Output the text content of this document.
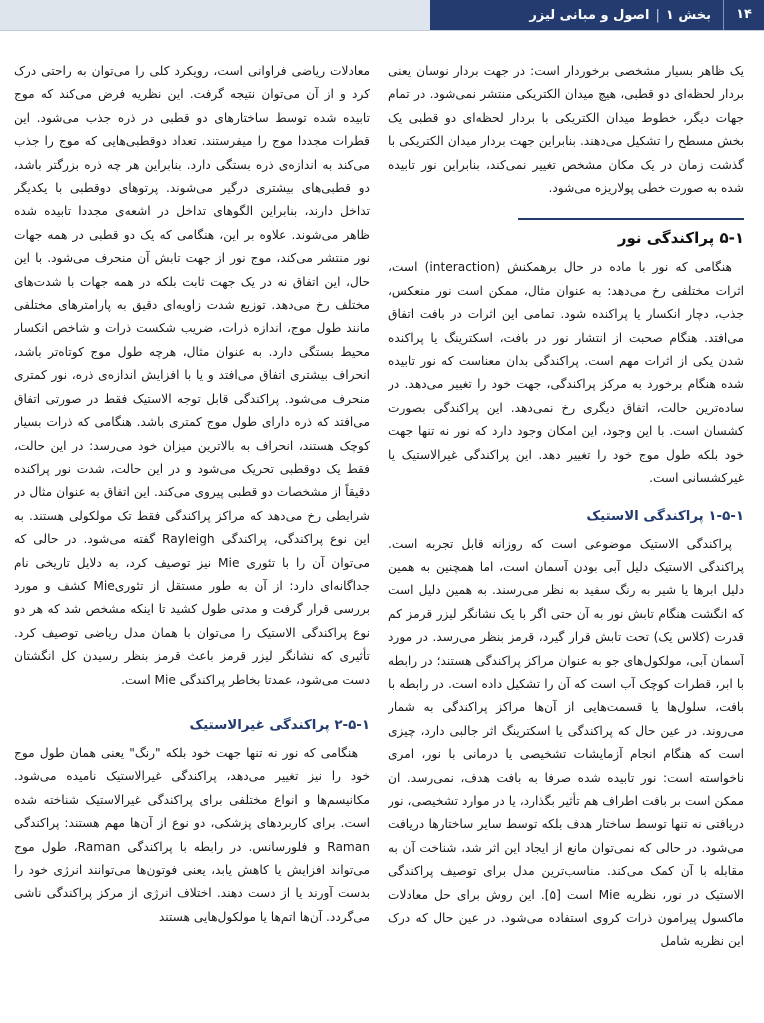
۱۴
بخش ۱|اصول و مبانی لیزر

یک ظاهر بسیار مشخصی برخوردار است: در جهت بردار نوسان یعنی بردار لحظه‌ای دو قطبی، هیچ میدان الکتریکی منتشر نمی‌شود. در تمام جهات دیگر، خطوط میدان الکتریکی با بردار لحظه‌ای دو قطبی یک بخش مسطح را تشکیل می‌دهند. بنابراین جهت بردار میدان الکتریکی با گذشت زمان در یک مکان مشخص تغییر نمی‌کند، بنابراین نور تابیده شده به صورت خطی پولاریزه می‌شود.

۵-۱ پراکندگی نور

هنگامی که نور با ماده در حال برهمکنش (interaction) است، اثرات مختلفی رخ می‌دهد: به عنوان مثال، ممکن است نور منعکس، جذب، دچار انکسار یا پراکنده شود. تمامی این اثرات در بافت اتفاق می‌افتد. هنگام صحبت از انتشار نور در بافت، اسکترینگ یا پراکنده شدن یکی از اثرات مهم است. پراکندگی بدان معناست که نور تابیده شده هنگام برخورد به مرکز پراکندگی، جهت خود را تغییر می‌دهد. در ساده‌ترین حالت، اتفاق دیگری رخ نمی‌دهد. این پراکندگی بصورت کشسان است. با این وجود، این امکان وجود دارد که نور نه تنها جهت خود بلکه طول موج خود را تغییر دهد. این پراکندگی غیرالاستیک یا غیرکشسانی است.

۱-۵-۱ پراکندگی الاستیک

پراکندگی الاستیک موضوعی است که روزانه قابل تجربه است. پراکندگی الاستیک دلیل آبی بودن آسمان است، اما همچنین به همین دلیل ابرها یا شیر به رنگ سفید به نظر می‌رسند. به همین دلیل است که انگشت هنگام تابش نور به آن حتی اگر با یک نشانگر لیزر قرمز کم قدرت (کلاس یک) تحت تابش قرار گیرد، قرمز بنظر می‌رسد. در مورد آسمان آبی، مولکول‌های جو به عنوان مراکز پراکندگی هستند؛ در رابطه با ابر، قطرات کوچک آب است که آن را تشکیل داده است. در رابطه با بافت، سلول‌ها یا قسمت‌هایی از آن‌ها مراکز پراکندگی به شمار می‌روند. در عین حال که پراکندگی یا اسکترینگ اثر جالبی دارد، چیزی است که هنگام انجام آزمایشات تشخیصی یا درمانی با نور، امری ناخواسته است: نور تابیده شده صرفا به بافت هدف، نمی‌رسد. ان ممکن است بر بافت اطراف هم تأثیر بگذارد، یا در موارد تشخیصی، نور دریافتی نه تنها توسط ساختار هدف بلکه توسط سایر ساختارها دریافت می‌شود. در حالی که نمی‌توان مانع از ایجاد این اثر شد، شناخت آن به مقابله با آن کمک می‌کند. مناسب‌ترین مدل برای توصیف پراکندگی الاستیک در نور، نظریه Mie است [۵]. این روش برای حل معادلات ماکسول پیرامون ذرات کروی استفاده می‌شود. در عین حال که درک این نظریه شامل

معادلات ریاضی فراوانی است، رویکرد کلی را می‌توان به راحتی درک کرد و از آن می‌توان نتیجه گرفت. این نظریه فرض می‌کند که موج تابیده شده توسط ساختارهای دو قطبی در ذره جذب می‌شود. این قطرات مجددا موج را میفرستند. تعداد دوقطبی‌هایی که موج را جذب می‌کند به اندازه‌ی ذره بستگی دارد. بنابراین هر چه ذره بزرگتر باشد، دو قطبی‌های بیشتری درگیر می‌شوند. پرتوهای دوقطبی با یکدیگر تداخل دارند، بنابراین الگوهای تداخل در اشعه‌ی مجددا تابیده شده ظاهر می‌شوند. علاوه بر این، هنگامی که یک دو قطبی در همه جهات نور منتشر می‌کند، موج نور از جهت تابش آن منحرف می‌شود. با این حال، این اتفاق نه در یک جهت ثابت بلکه در همه جهات با شدت‌های مختلف رخ می‌دهد. توزیع شدت زاویه‌ای دقیق به پارامترهای مختلفی مانند طول موج، اندازه ذرات، ضریب شکست ذرات و شاخص انکسار محیط بستگی دارد. به عنوان مثال، هرچه طول موج کوتاه‌تر باشد، انحراف بیشتری اتفاق می‌افتد و یا با افزایش اندازه‌ی ذره، نور کمتری منحرف می‌شود. پراکندگی قابل توجه الاستیک فقط در صورتی اتفاق می‌افتد که ذره دارای طول موج کمتری باشد. هنگامی که ذرات بسیار کوچک هستند، انحراف به بالاترین میزان خود می‌رسد: در این حالت، فقط یک دوقطبی تحریک می‌شود و در این حالت، شدت نور پراکنده دقیقاً از مشخصات دو قطبی پیروی می‌کند. این اتفاق به عنوان مثال در شرایطی رخ می‌دهد که مراکز پراکندگی فقط تک مولکولی هستند. به این نوع پراکندگی، پراکندگی Rayleigh گفته می‌شود. در حالی که می‌توان آن را با تئوری Mie نیز توصیف کرد، به دلایل تاریخی نام جداگانه‌ای دارد: از آن به طور مستقل از تئوریMie کشف و مورد بررسی قرار گرفت و مدتی طول کشید تا اینکه مشخص شد که هر دو نوع پراکندگی الاستیک را می‌توان با همان مدل ریاضی توصیف کرد. تأثیری که نشانگر لیزر قرمز باعث قرمز بنظر رسیدن کل انگشتان دست می‌شود، عمدتا بخاطر پراکندگی Mie است.

۲-۵-۱ پراکندگی غیرالاستیک

هنگامی که نور نه تنها جهت خود بلکه "رنگ" یعنی همان طول موج خود را نیز تغییر می‌دهد، پراکندگی غیرالاستیک نامیده می‌شود. مکانیسم‌ها و انواع مختلفی برای پراکندگی غیرالاستیک شناخته شده است. برای کاربردهای پزشکی، دو نوع از آن‌ها مهم هستند: پراکندگی Raman و فلورسانس. در رابطه با پراکندگی Raman، طول موج می‌تواند افزایش یا کاهش یابد، یعنی فوتون‌ها می‌توانند انرژی خود را بدست آورند یا از دست دهند. اختلاف انرژی از مرکز پراکندگی ناشی می‌گردد. آن‌ها اتم‌ها یا مولکول‌هایی هستند
